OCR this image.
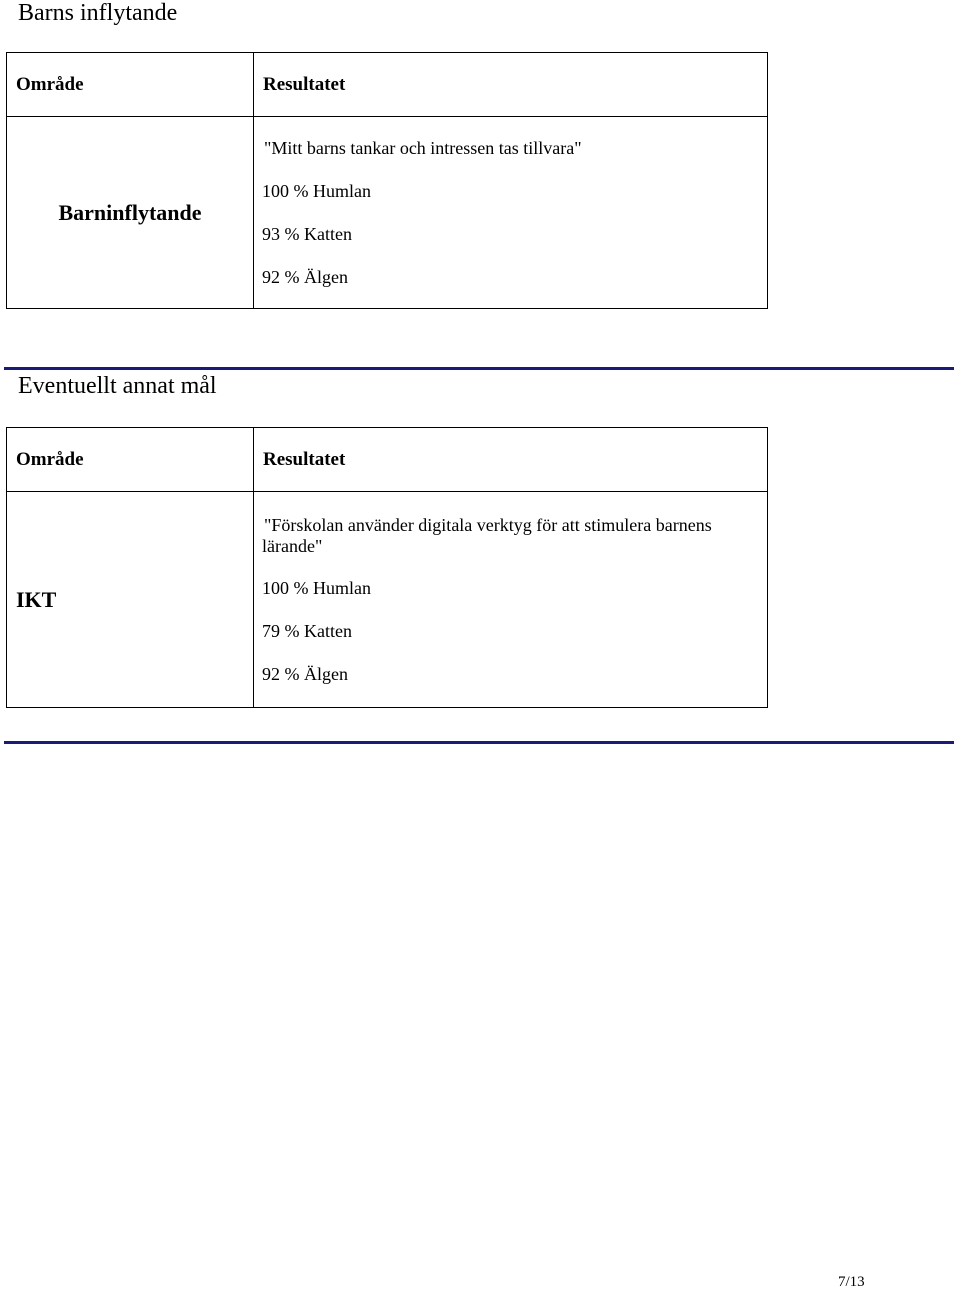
Barns inflytande
Område	Resultatet
Barninflytande	"Mitt barns tankar och intressen tas tillvara"
100 % Humlan
93 % Katten
92 % Älgen
Eventuellt annat mål
Område	Resultatet
IKT	"Förskolan använder digitala verktyg för att stimulera barnens lärande"
100 % Humlan
79 % Katten
92 % Älgen
7/13
